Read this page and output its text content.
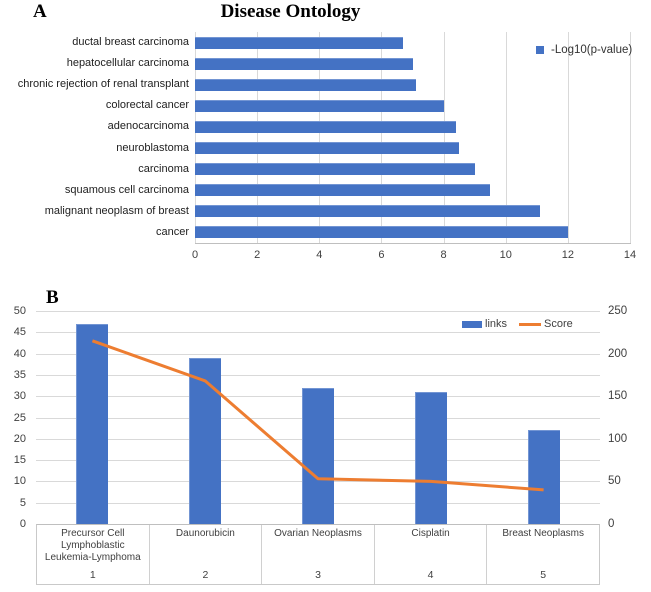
A	Disease Ontology
ductal breast carcinoma
hepatocellular carcinoma
chronic rejection of renal transplant
colorectal cancer
adenocarcinoma
neuroblastoma
carcinoma
squamous cell carcinoma
malignant neoplasm of breast
cancer
0	2	4	6	8	10	12	14
-Log10(p-value)
B
0
5
10
15
20
25
30
35
40
45
50
0
50
100
150
200
250
links	Score
Precursor Cell Lymphoblastic Leukemia-Lymphoma
1
Daunorubicin
2
Ovarian Neoplasms
3
Cisplatin
4
Breast Neoplasms
5
